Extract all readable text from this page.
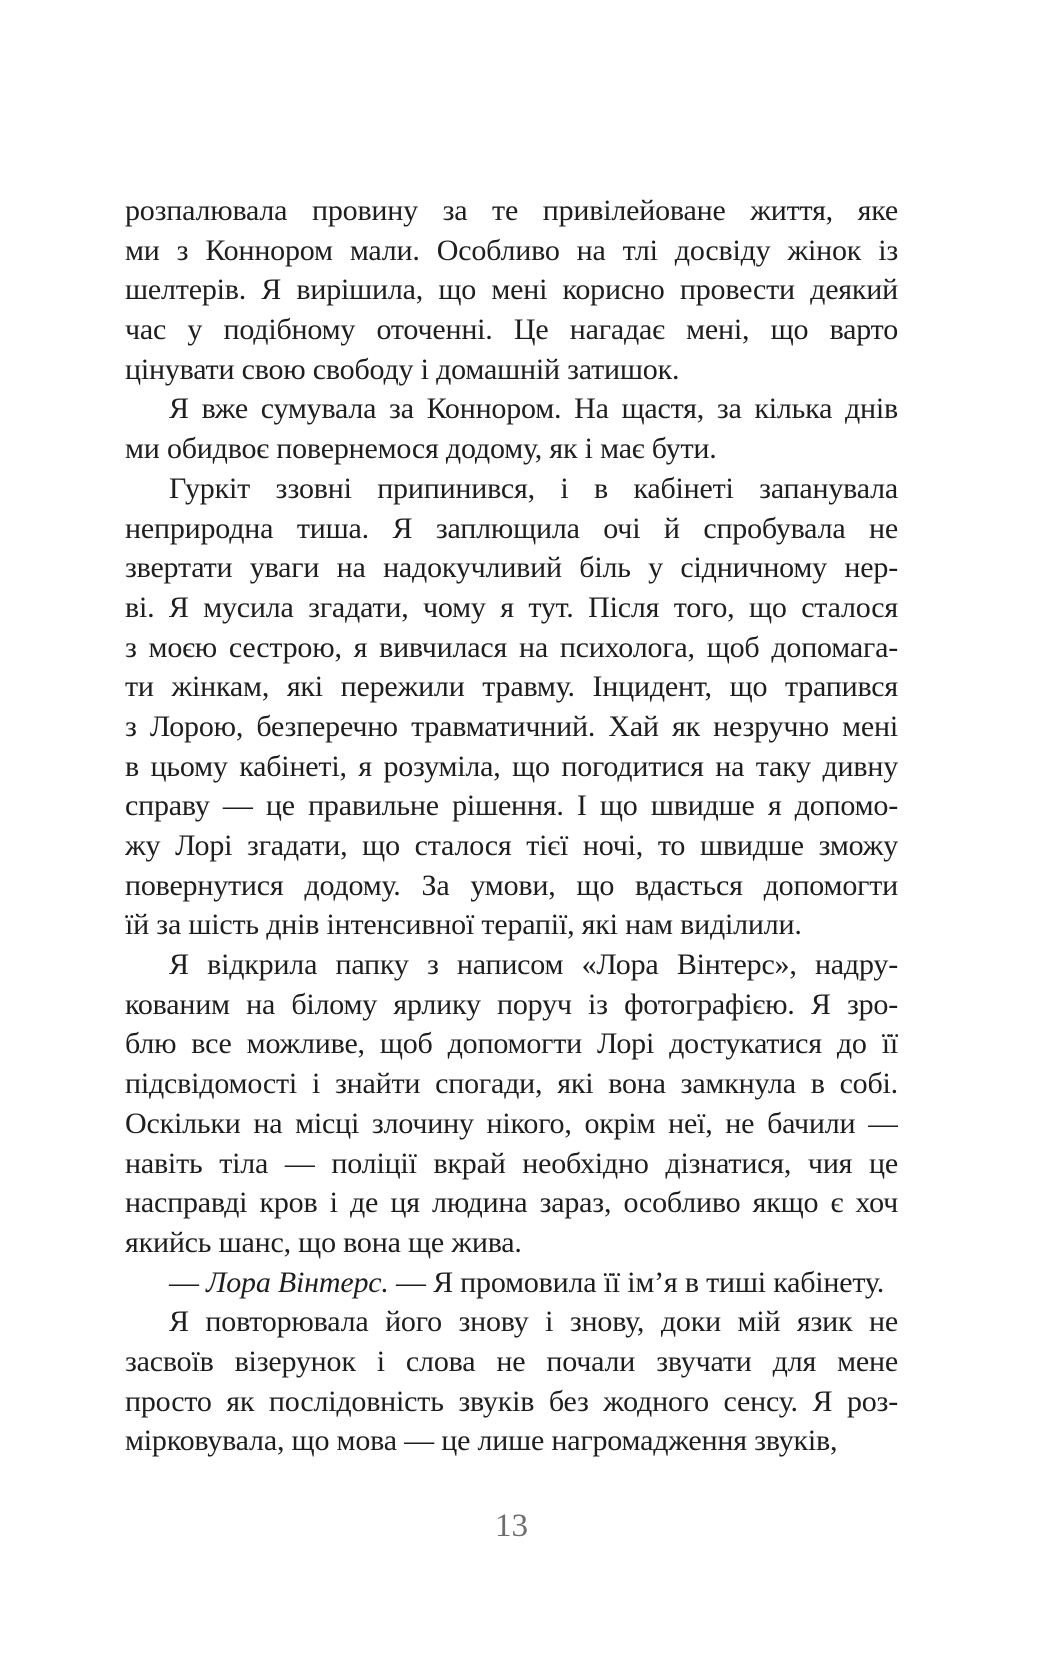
розпалювала провину за те привілейоване життя, яке
ми з Коннором мали. Особливо на тлі досвіду жінок із
шелтерів. Я вирішила, що мені корисно провести деякий
час у подібному оточенні. Це нагадає мені, що варто
цінувати свою свободу і домашній затишок.
Я вже сумувала за Коннором. На щастя, за кілька днів
ми обидвоє повернемося додому, як і має бути.
Гуркіт ззовні припинився, і в кабінеті запанувала
неприродна тиша. Я заплющила очі й спробувала не
звертати уваги на надокучливий біль у сідничному нер-
ві. Я мусила згадати, чому я тут. Після того, що сталося
з моєю сестрою, я вивчилася на психолога, щоб допомага-
ти жінкам, які пережили травму. Інцидент, що трапився
з Лорою, безперечно травматичний. Хай як незручно мені
в цьому кабінеті, я розуміла, що погодитися на таку дивну
справу — це правильне рішення. І що швидше я допомо-
жу Лорі згадати, що сталося тієї ночі, то швидше зможу
повернутися додому. За умови, що вдасться допомогти
їй за шість днів інтенсивної терапії, які нам виділили.
Я відкрила папку з написом «Лора Вінтерс», надру-
кованим на білому ярлику поруч із фотографією. Я зро-
блю все можливе, щоб допомогти Лорі достукатися до її
підсвідомості і знайти спогади, які вона замкнула в собі.
Оскільки на місці злочину нікого, окрім неї, не бачили —
навіть тіла — поліції вкрай необхідно дізнатися, чия це
насправді кров і де ця людина зараз, особливо якщо є хоч
якийсь шанс, що вона ще жива.
— Лора Вінтерс. — Я промовила її ім’я в тиші кабінету.
Я повторювала його знову і знову, доки мій язик не
засвоїв візерунок і слова не почали звучати для мене
просто як послідовність звуків без жодного сенсу. Я роз-
мірковувала, що мова — це лише нагромадження звуків,
13
